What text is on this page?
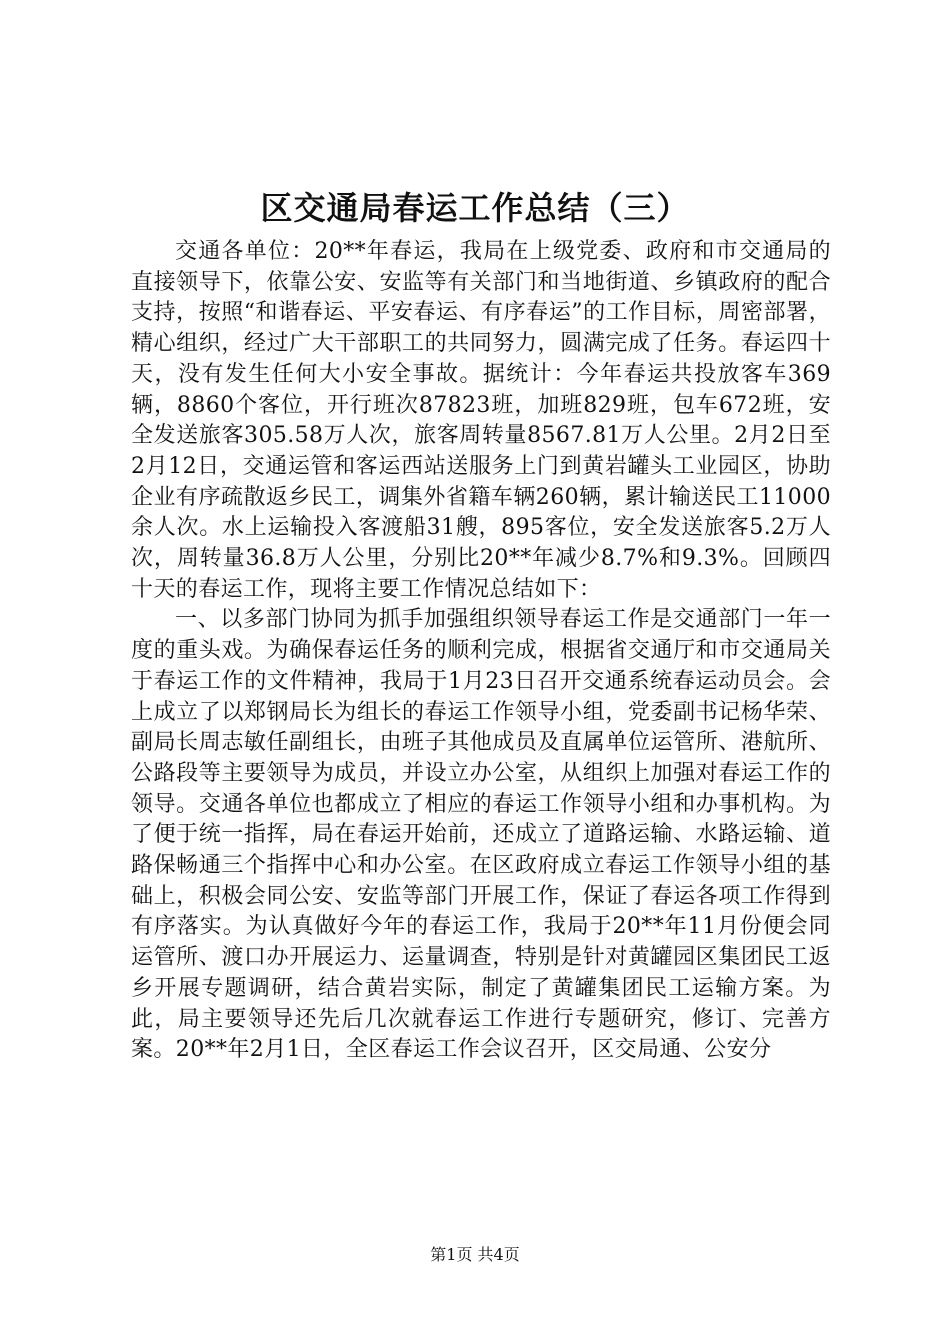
区交通局春运工作总结（三）

交通各单位：20**年春运，我局在上级党委、政府和市交通局的直接领导下，依靠公安、安监等有关部门和当地街道、乡镇政府的配合支持，按照“和谐春运、平安春运、有序春运”的工作目标，周密部署，精心组织，经过广大干部职工的共同努力，圆满完成了任务。春运四十天，没有发生任何大小安全事故。据统计：今年春运共投放客车369辆，8860个客位，开行班次87823班，加班829班，包车672班，安全发送旅客305.58万人次，旅客周转量8567.81万人公里。2月2日至2月12日，交通运管和客运西站送服务上门到黄岩罐头工业园区，协助企业有序疏散返乡民工，调集外省籍车辆260辆，累计输送民工11000余人次。水上运输投入客渡船31艘，895客位，安全发送旅客5.2万人次，周转量36.8万人公里，分别比20**年减少8.7%和9.3%。回顾四十天的春运工作，现将主要工作情况总结如下：

一、以多部门协同为抓手加强组织领导春运工作是交通部门一年一度的重头戏。为确保春运任务的顺利完成，根据省交通厅和市交通局关于春运工作的文件精神，我局于1月23日召开交通系统春运动员会。会上成立了以郑钢局长为组长的春运工作领导小组，党委副书记杨华荣、副局长周志敏任副组长，由班子其他成员及直属单位运管所、港航所、公路段等主要领导为成员，并设立办公室，从组织上加强对春运工作的领导。交通各单位也都成立了相应的春运工作领导小组和办事机构。为了便于统一指挥，局在春运开始前，还成立了道路运输、水路运输、道路保畅通三个指挥中心和办公室。在区政府成立春运工作领导小组的基础上，积极会同公安、安监等部门开展工作，保证了春运各项工作得到有序落实。为认真做好今年的春运工作，我局于20**年11月份便会同运管所、渡口办开展运力、运量调查，特别是针对黄罐园区集团民工返乡开展专题调研，结合黄岩实际，制定了黄罐集团民工运输方案。为此，局主要领导还先后几次就春运工作进行专题研究，修订、完善方案。20**年2月1日，全区春运工作会议召开，区交局通、公安分

第1页 共4页
